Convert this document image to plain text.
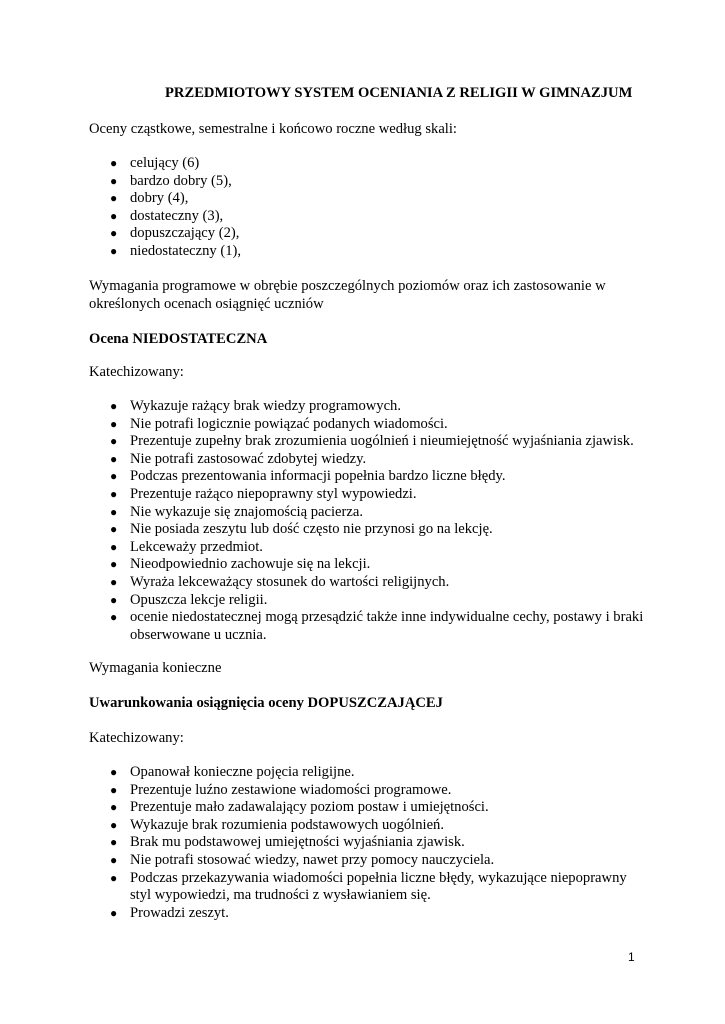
PRZEDMIOTOWY SYSTEM OCENIANIA Z RELIGII W GIMNAZJUM

Oceny cząstkowe, semestralne i końcowo roczne według skali:

● celujący (6)
● bardzo dobry (5),
● dobry (4),
● dostateczny (3),
● dopuszczający (2),
● niedostateczny (1),

Wymagania programowe w obrębie poszczególnych poziomów oraz ich zastosowanie w określonych ocenach osiągnięć uczniów

Ocena NIEDOSTATECZNA

Katechizowany:

● Wykazuje rażący brak wiedzy programowych.
● Nie potrafi logicznie powiązać podanych wiadomości.
● Prezentuje zupełny brak zrozumienia uogólnień i nieumiejętność wyjaśniania zjawisk.
● Nie potrafi zastosować zdobytej wiedzy.
● Podczas prezentowania informacji popełnia bardzo liczne błędy.
● Prezentuje rażąco niepoprawny styl wypowiedzi.
● Nie wykazuje się znajomością pacierza.
● Nie posiada zeszytu lub dość często nie przynosi go na lekcję.
● Lekceważy przedmiot.
● Nieodpowiednio zachowuje się na lekcji.
● Wyraża lekceważący stosunek do wartości religijnych.
● Opuszcza lekcje religii.
● ocenie niedostatecznej mogą przesądzić także inne indywidualne cechy, postawy i braki obserwowane u ucznia.

Wymagania konieczne

Uwarunkowania osiągnięcia oceny DOPUSZCZAJĄCEJ

Katechizowany:

● Opanował konieczne pojęcia religijne.
● Prezentuje luźno zestawione wiadomości programowe.
● Prezentuje mało zadawalający poziom postaw i umiejętności.
● Wykazuje brak rozumienia podstawowych uogólnień.
● Brak mu podstawowej umiejętności wyjaśniania zjawisk.
● Nie potrafi stosować wiedzy, nawet przy pomocy nauczyciela.
● Podczas przekazywania wiadomości popełnia liczne błędy, wykazujące niepoprawny styl wypowiedzi, ma trudności z wysławianiem się.
● Prowadzi zeszyt.
1
